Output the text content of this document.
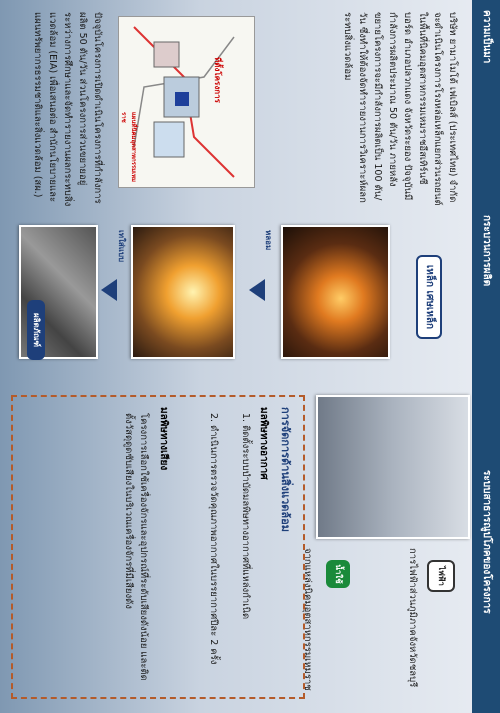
ความเป็นมา
กระบวนการผลิต
ระบบสาธารณูปโภคของโครงการ
บริษัท ยามาโมโต้ เฟเบิลส์ (ประเทศไทย) จำกัด จะดำเนินโครงการโรงหล่อเหล็กแยกส่วนรถยนต์ ในพื้นที่นิคมอุตสาหกรรมเหมราชอีสเทิร์นซีบอร์ด อำเภอปลวกแดง จังหวัดระยอง ปัจจุบันมีกำลังการผลิตประมาณ 50 ตัน/วัน ภายหลังขยายโครงการจะมีกำลังการผลิตเป็น 100 ตัน/วัน ซึ่งทำให้ต้องจัดทำรายงานการวิเคราะห์ผลกระทบสิ่งแวดล้อม
ที่ตั้งโครงการ
แผนที่นิคมอุตสาหกรรมเหมราช
ปัจจุบันโครงการเปิดดำเนินโครงการที่กำลังการผลิต 50 ตัน/วัน ส่วนโครงการส่วนขยายอยู่ระหว่างการศึกษาและจัดทำรายงานผลกระทบสิ่งแวดล้อม (EIA) เพื่อเสนอต่อ สำนักนโยบายและแผนทรัพยากรธรรมชาติและสิ่งแวดล้อม (สผ.)
เหล็ก เศษเหล็ก
หลอม
เทใส่แบบ
ผลิตภัณฑ์
ไฟฟ้า
การไฟฟ้าส่วนภูมิภาคจังหวัดชลบุรี
น้ำใช้
จากแหล่งนิคมอุตสาหกรรมเหมราช
การจัดการด้านสิ่งแวดล้อม
มลพิษทางอากาศ
1. ติดตั้งระบบบำบัดมลพิษทางอากาศที่แหล่งกำเนิด
2. ดำเนินการตรวจวัดคุณภาพอากาศในบรรยากาศปีละ 2 ครั้ง
มลพิษทางเสียง
โครงการเลือกใช้เครื่องจักรและอุปกรณ์ที่ระดับเสียงดังน้อย และติดตั้งวัสดุดูดซับเสียงในบริเวณเครื่องจักรที่มีเสียงดัง
